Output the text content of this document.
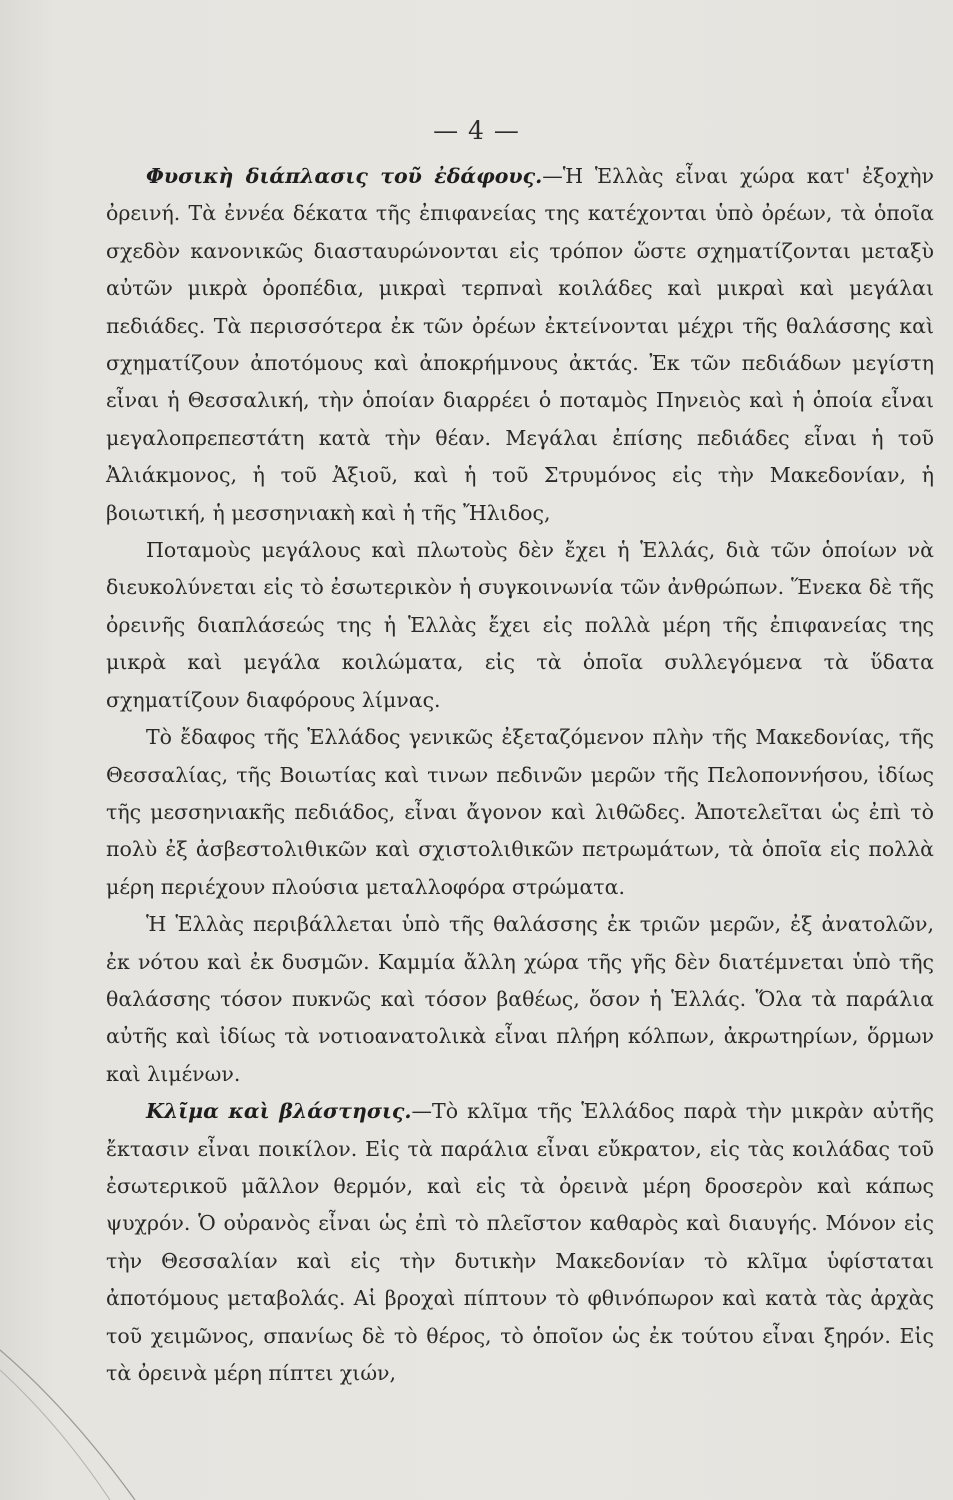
— 4 —

Φυσικὴ διάπλασις τοῦ ἐδάφους.—Ἡ Ἑλλὰς εἶναι χώρα κατ' ἐξοχὴν ὀρεινή. Τὰ ἐννέα δέκατα τῆς ἐπιφανείας της κατέχονται ὑπὸ ὀρέων, τὰ ὁποῖα σχεδὸν κανονικῶς διασταυρώνονται εἰς τρόπον ὥστε σχηματίζονται μεταξὺ αὐτῶν μικρὰ ὀροπέδια, μικραὶ τερπναὶ κοιλάδες καὶ μικραὶ καὶ μεγάλαι πεδιάδες. Τὰ περισσότερα ἐκ τῶν ὀρέων ἐκτείνονται μέχρι τῆς θαλάσσης καὶ σχηματίζουν ἀποτόμους καὶ ἀποκρήμνους ἀκτάς. Ἐκ τῶν πεδιάδων μεγίστη εἶναι ἡ Θεσσαλική, τὴν ὁποίαν διαρρέει ὁ ποταμὸς Πηνειὸς καὶ ἡ ὁποία εἶναι μεγαλοπρεπεστάτη κατὰ τὴν θέαν. Μεγάλαι ἐπίσης πεδιάδες εἶναι ἡ τοῦ Ἀλιάκμονος, ἡ τοῦ Ἀξιοῦ, καὶ ἡ τοῦ Στρυμόνος εἰς τὴν Μακεδονίαν, ἡ βοιωτική, ἡ μεσσηνιακὴ καὶ ἡ τῆς Ἤλιδος,

Ποταμοὺς μεγάλους καὶ πλωτοὺς δὲν ἔχει ἡ Ἑλλάς, διὰ τῶν ὁποίων νὰ διευκολύνεται εἰς τὸ ἐσωτερικὸν ἡ συγκοινωνία τῶν ἀνθρώπων. Ἕνεκα δὲ τῆς ὀρεινῆς διαπλάσεώς της ἡ Ἑλλὰς ἔχει εἰς πολλὰ μέρη τῆς ἐπιφανείας της μικρὰ καὶ μεγάλα κοιλώματα, εἰς τὰ ὁποῖα συλλεγόμενα τὰ ὕδατα σχηματίζουν διαφόρους λίμνας.

Τὸ ἔδαφος τῆς Ἑλλάδος γενικῶς ἐξεταζόμενον πλὴν τῆς Μακεδονίας, τῆς Θεσσαλίας, τῆς Βοιωτίας καὶ τινων πεδινῶν μερῶν τῆς Πελοποννήσου, ἰδίως τῆς μεσσηνιακῆς πεδιάδος, εἶναι ἄγονον καὶ λιθῶδες. Ἀποτελεῖται ὡς ἐπὶ τὸ πολὺ ἐξ ἀσβεστολιθικῶν καὶ σχιστολιθικῶν πετρωμάτων, τὰ ὁποῖα εἰς πολλὰ μέρη περιέχουν πλούσια μεταλλοφόρα στρώματα.

Ἡ Ἑλλὰς περιβάλλεται ὑπὸ τῆς θαλάσσης ἐκ τριῶν μερῶν, ἐξ ἀνατολῶν, ἐκ νότου καὶ ἐκ δυσμῶν. Καμμία ἄλλη χώρα τῆς γῆς δὲν διατέμνεται ὑπὸ τῆς θαλάσσης τόσον πυκνῶς καὶ τόσον βαθέως, ὅσον ἡ Ἑλλάς. Ὅλα τὰ παράλια αὐτῆς καὶ ἰδίως τὰ νοτιοανατολικὰ εἶναι πλήρη κόλπων, ἀκρωτηρίων, ὅρμων καὶ λιμένων.

Κλῖμα καὶ βλάστησις.—Τὸ κλῖμα τῆς Ἑλλάδος παρὰ τὴν μικρὰν αὐτῆς ἔκτασιν εἶναι ποικίλον. Εἰς τὰ παράλια εἶναι εὔκρατον, εἰς τὰς κοιλάδας τοῦ ἐσωτερικοῦ μᾶλλον θερμόν, καὶ εἰς τὰ ὀρεινὰ μέρη δροσερὸν καὶ κάπως ψυχρόν. Ὁ οὐρανὸς εἶναι ὡς ἐπὶ τὸ πλεῖστον καθαρὸς καὶ διαυγής. Μόνον εἰς τὴν Θεσσαλίαν καὶ εἰς τὴν δυτικὴν Μακεδονίαν τὸ κλῖμα ὑφίσταται ἀποτόμους μεταβολάς. Αἱ βροχαὶ πίπτουν τὸ φθινόπωρον καὶ κατὰ τὰς ἀρχὰς τοῦ χειμῶνος, σπανίως δὲ τὸ θέρος, τὸ ὁποῖον ὡς ἐκ τούτου εἶναι ξηρόν. Εἰς τὰ ὀρεινὰ μέρη πίπτει χιών,
